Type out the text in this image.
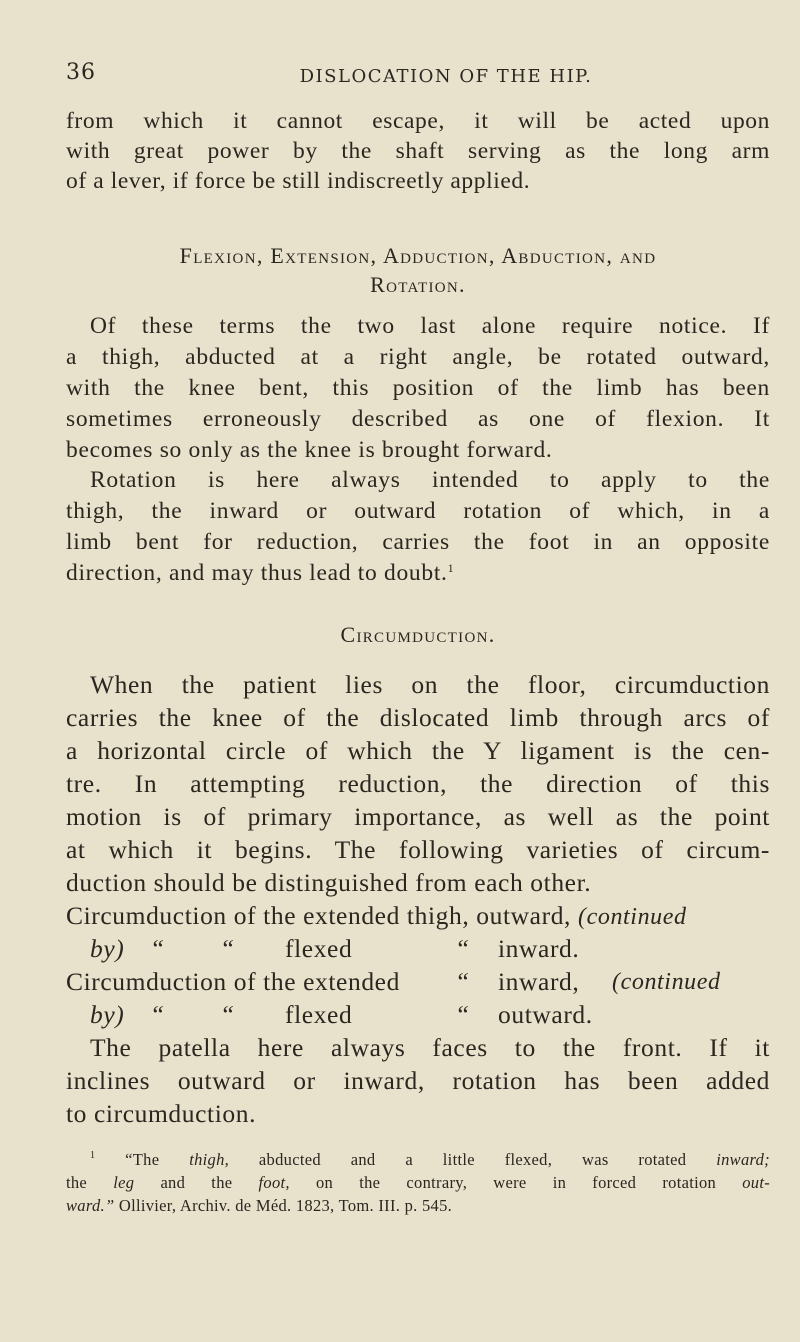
36	DISLOCATION OF THE HIP.
from which it cannot escape, it will be acted upon
with great power by the shaft serving as the long arm
of a lever, if force be still indiscreetly applied.
Flexion, Extension, Adduction, Abduction, and
Rotation.
Of these terms the two last alone require notice. If
a thigh, abducted at a right angle, be rotated outward,
with the knee bent, this position of the limb has been
sometimes erroneously described as one of flexion. It
becomes so only as the knee is brought forward.
Rotation is here always intended to apply to the
thigh, the inward or outward rotation of which, in a
limb bent for reduction, carries the foot in an opposite
direction, and may thus lead to doubt.$^1$
Circumduction.
When the patient lies on the floor, circumduction
carries the knee of the dislocated limb through arcs of
a horizontal circle of which the Y ligament is the cen-
tre. In attempting reduction, the direction of this
motion is of primary importance, as well as the point
at which it begins. The following varieties of circum-
duction should be distinguished from each other.
Circumduction of the extended thigh, outward, (continued
by) “ “ flexed	“ inward.
Circumduction of the extended “ inward, (continued
by) “ “ flexed	“ outward.
The patella here always faces to the front. If it
inclines outward or inward, rotation has been added
to circumduction.
$^1$ “The thigh, abducted and a little flexed, was rotated inward;
the leg and the foot, on the contrary, were in forced rotation out-
ward.” Ollivier, Archiv. de Méd. 1823, Tom. III. p. 545.
